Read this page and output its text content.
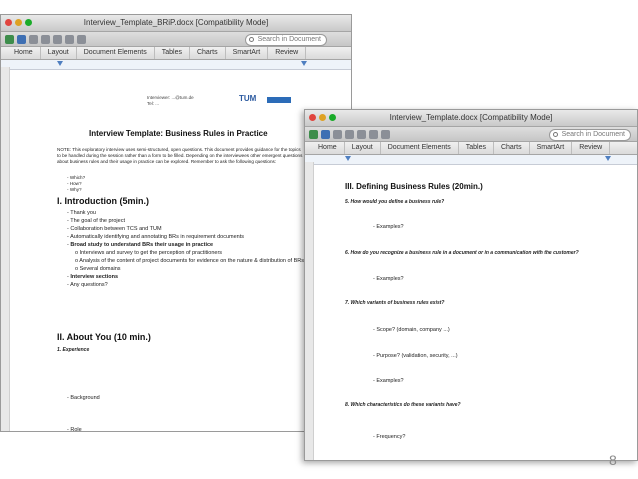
Interview_Template_BRiP.docx [Compatibility Mode]
Search in Document
Home	Layout	Document Elements	Tables	Charts	SmartArt	Review
Interviewer: ...@tum.de
Tel: ...
TUM
Interview Template: Business Rules in Practice
NOTE: This exploratory interview uses semi-structured, open questions. This document provides guidance for the topics to be handled during the session rather than a form to be filled. Depending on the interviewees other emergent questions about business rules and their usage in practice can be explored. Remember to ask the following questions:
- Which?
- How?
- Why?
I. Introduction (5min.)
- Thank you
- The goal of the project
- Collaboration between TCS and TUM
- Automatically identifying and annotating BRs in requirement documents
- Broad study to understand BRs their usage in practice
o Interviews and survey to get the perception of practitioners
o Analysis of the content of project documents for evidence on the nature & distribution of BRs
o Several domains
- Interview sections
- Any questions?
II. About You (10 min.)
1. Experience
- Background
- Role
Interview_Template.docx [Compatibility Mode]
Search in Document
Home	Layout	Document Elements	Tables	Charts	SmartArt	Review
III. Defining Business Rules (20min.)
5. How would you define a business rule?
- Examples?
6. How do you recognize a business rule in a document or in a communication with the customer?
- Examples?
7. Which variants of business rules exist?
- Scope? (domain, company ...)
- Purpose? (validation, security, ...)
- Examples?
8. Which characteristics do these variants have?
- Frequency?
8
